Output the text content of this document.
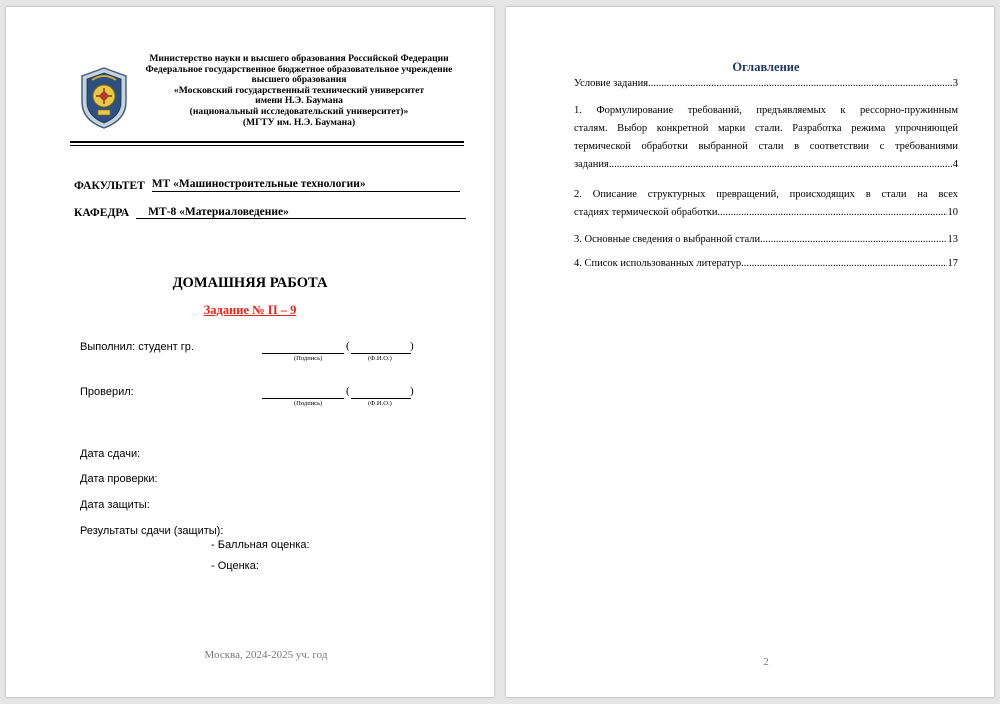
Министерство науки и высшего образования Российской Федерации
Федеральное государственное бюджетное образовательное учреждение
высшего образования
«Московский государственный технический университет
имени Н.Э. Баумана
(национальный исследовательский университет)»
(МГТУ им. Н.Э. Баумана)
ФАКУЛЬТЕТ МТ «Машиностроительные технологии»
КАФЕДРА МТ-8 «Материаловедение»
ДОМАШНЯЯ РАБОТА
Задание № П – 9
Выполнил: студент гр.	(	)
(Подпись)	(Ф.И.О.)
Проверил:	(	)
(Подпись)	(Ф.И.О.)
Дата сдачи:
Дата проверки:
Дата защиты:
Результаты сдачи (защиты):
- Балльная оценка:
- Оценка:
Москва, 2024-2025 уч. год
Оглавление
Условие задания .....	3
1. Формулирование требований, предъявляемых к рессорно-пружинным
сталям. Выбор конкретной марки стали. Разработка режима упрочняющей
термической обработки выбранной стали в соответствии с требованиями
задания. .....	4
2. Описание структурных превращений, происходящих в стали на всех
стадиях термической обработки .....	10
3. Основные сведения о выбранной стали. .....	13
4. Список использованных литератур. .....	17
2
